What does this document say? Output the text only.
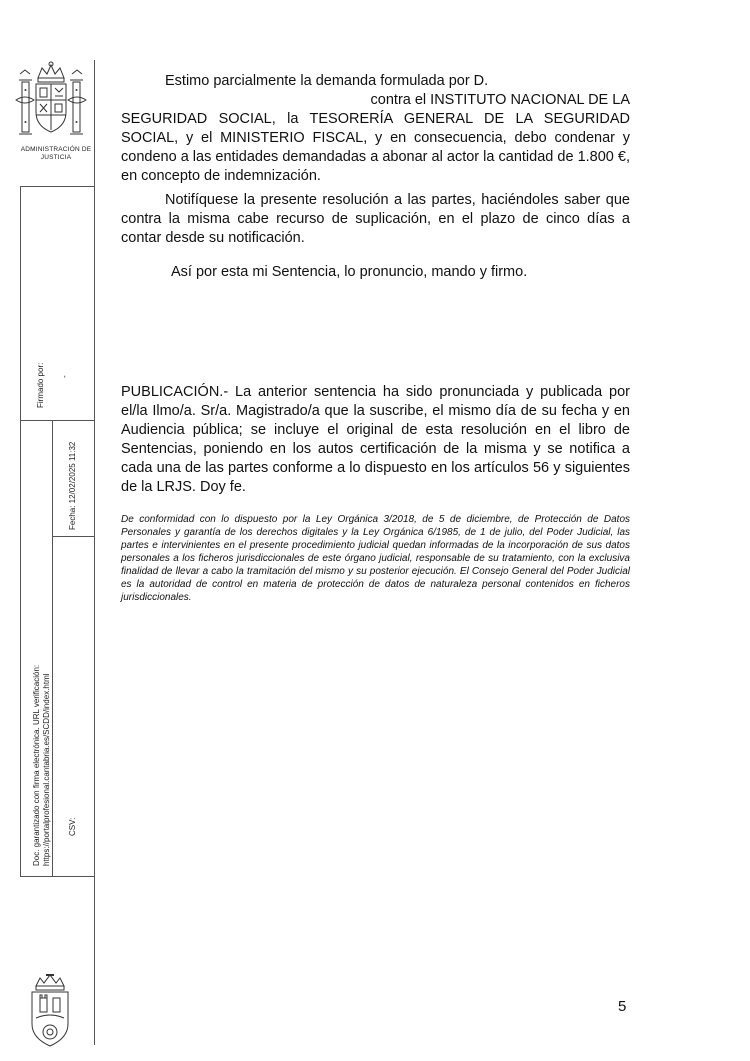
ADMINISTRACIÓN DE JUSTICIA
Firmado por: -
Fecha: 12/02/2025 11:32
Doc. garantizado con firma electrónica. URL verificación: https://portalprofesional.cantabria.es/SCDD/index.html CSV:

Estimo parcialmente la demanda formulada por D.

contra el INSTITUTO NACIONAL DE LA

SEGURIDAD SOCIAL, la TESORERÍA GENERAL DE LA SEGURIDAD SOCIAL, y el MINISTERIO FISCAL, y en consecuencia, debo condenar y condeno a las entidades demandadas a abonar al actor la cantidad de 1.800 €, en concepto de indemnización.

Notifíquese la presente resolución a las partes, haciéndoles saber que contra la misma cabe recurso de suplicación, en el plazo de cinco días a contar desde su notificación.
Así por esta mi Sentencia, lo pronuncio, mando y firmo.
PUBLICACIÓN.- La anterior sentencia ha sido pronunciada y publicada por el/la Ilmo/a. Sr/a. Magistrado/a que la suscribe, el mismo día de su fecha y en Audiencia pública; se incluye el original de esta resolución en el libro de Sentencias, poniendo en los autos certificación de la misma y se notifica a cada una de las partes conforme a lo dispuesto en los artículos 56 y siguientes de la LRJS. Doy fe.
De conformidad con lo dispuesto por la Ley Orgánica 3/2018, de 5 de diciembre, de Protección de Datos Personales y garantía de los derechos digitales y la Ley Orgánica 6/1985, de 1 de julio, del Poder Judicial, las partes e intervinientes en el presente procedimiento judicial quedan informadas de la incorporación de sus datos personales a los ficheros jurisdiccionales de este órgano judicial, responsable de su tratamiento, con la exclusiva finalidad de llevar a cabo la tramitación del mismo y su posterior ejecución. El Consejo General del Poder Judicial es la autoridad de control en materia de protección de datos de naturaleza personal contenidos en ficheros jurisdiccionales.
5
